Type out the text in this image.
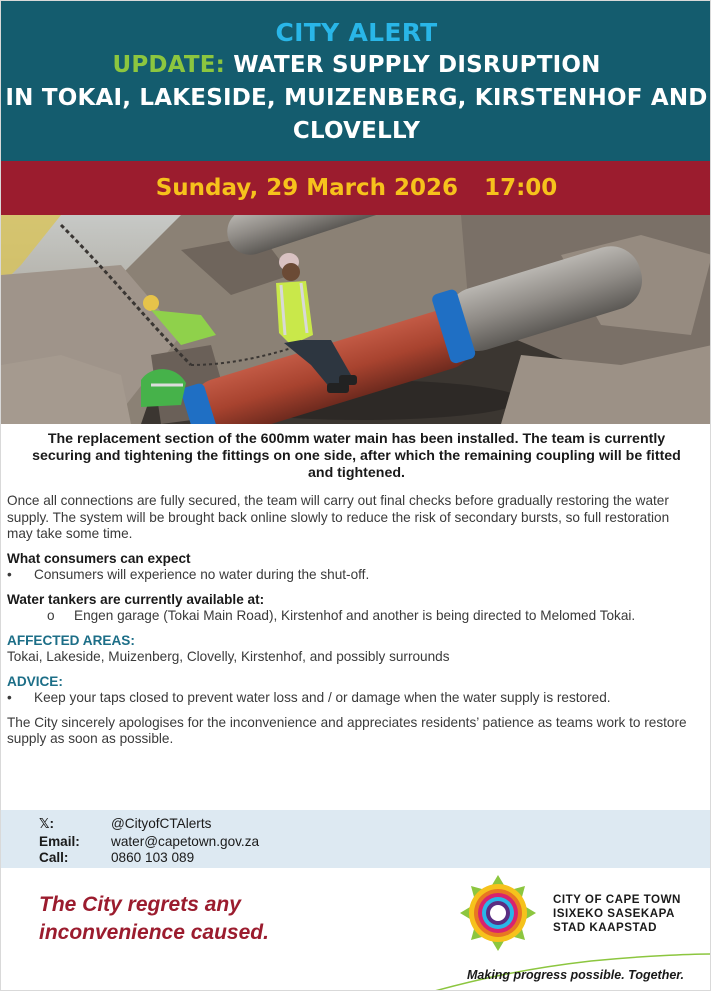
CITY ALERT
UPDATE: WATER SUPPLY DISRUPTION
IN TOKAI, LAKESIDE, MUIZENBERG, KIRSTENHOF AND
CLOVELLY
Sunday, 29 March 2026 17:00
The replacement section of the 600mm water main has been installed. The team is currently securing and tightening the fittings on one side, after which the remaining coupling will be fitted and tightened.

Once all connections are fully secured, the team will carry out final checks before gradually restoring the water supply. The system will be brought back online slowly to reduce the risk of secondary bursts, so full restoration may take some time.

What consumers can expect

•	Consumers will experience no water during the shut-off.

Water tankers are currently available at:

o	Engen garage (Tokai Main Road), Kirstenhof and another is being directed to Melomed Tokai.

AFFECTED AREAS:

Tokai, Lakeside, Muizenberg, Clovelly, Kirstenhof, and possibly surrounds

ADVICE:

•	Keep your taps closed to prevent water loss and / or damage when the water supply is restored.

The City sincerely apologises for the inconvenience and appreciates residents’ patience as teams work to restore supply as soon as possible.

𝕏:	@CityofCTAlerts
Email:	water@capetown.gov.za
Call:	0860 103 089
The City regrets any
inconvenience caused.
CITY OF CAPE TOWN
ISIXEKO SASEKAPA
STAD KAAPSTAD
Making progress possible. Together.
